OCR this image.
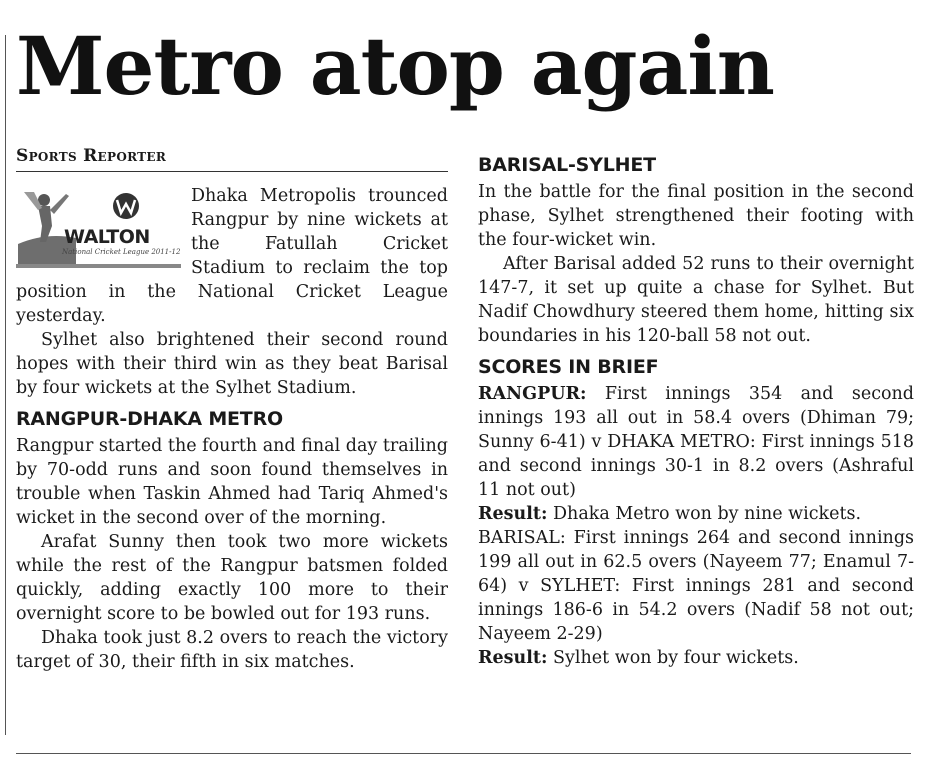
Metro atop again
Sports Reporter
WALTON
National Cricket League 2011-12

Dhaka Metropolis trounced Rangpur by nine wickets at the Fatullah Cricket Stadium to reclaim the top position in the National Cricket League yesterday.

Sylhet also brightened their second round hopes with their third win as they beat Barisal by four wickets at the Sylhet Stadium.

RANGPUR-DHAKA METRO

Rangpur started the fourth and final day trailing by 70-odd runs and soon found themselves in trouble when Taskin Ahmed had Tariq Ahmed's wicket in the second over of the morning.

Arafat Sunny then took two more wickets while the rest of the Rangpur batsmen folded quickly, adding exactly 100 more to their overnight score to be bowled out for 193 runs.

Dhaka took just 8.2 overs to reach the victory target of 30, their fifth in six matches.

BARISAL-SYLHET

In the battle for the final position in the second phase, Sylhet strengthened their footing with the four-wicket win.

After Barisal added 52 runs to their overnight 147-7, it set up quite a chase for Sylhet. But Nadif Chowdhury steered them home, hitting six boundaries in his 120-ball 58 not out.

SCORES IN BRIEF

RANGPUR: First innings 354 and second innings 193 all out in 58.4 overs (Dhiman 79; Sunny 6-41) v DHAKA METRO: First innings 518 and second innings 30-1 in 8.2 overs (Ashraful 11 not out)

Result: Dhaka Metro won by nine wickets.

BARISAL: First innings 264 and second innings 199 all out in 62.5 overs (Nayeem 77; Enamul 7-64) v SYLHET: First innings 281 and second innings 186-6 in 54.2 overs (Nadif 58 not out; Nayeem 2-29)

Result: Sylhet won by four wickets.
